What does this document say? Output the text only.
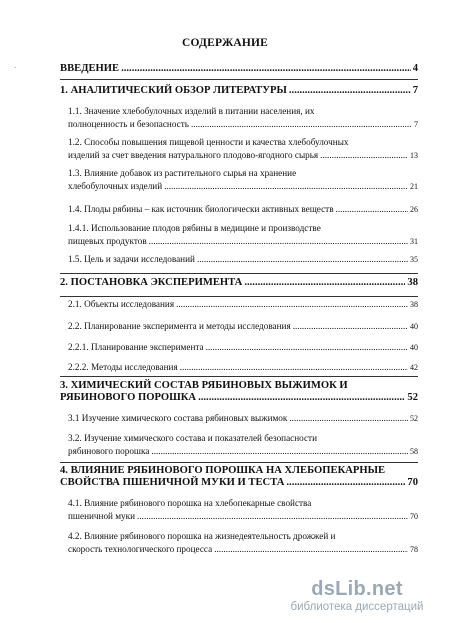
·
СОДЕРЖАНИЕ
ВВЕДЕНИЕ .....	4
1. АНАЛИТИЧЕСКИЙ ОБЗОР ЛИТЕРАТУРЫ .....	7
1.1. Значение хлебобулочных изделий в питании населения, их
полноценность и безопасность .....	7
1.2. Способы повышения пищевой ценности и качества хлебобулочных
изделий за счет введения натурального плодово-ягодного сырья .....	13
1.3. Влияние добавок из растительного сырья на хранение
хлебобулочных изделий .....	21
1.4. Плоды рябины – как источник биологически активных веществ .....	26
1.4.1. Использование плодов рябины в медицине и производстве
пищевых продуктов .....	31
1.5. Цель и задачи исследований .....	35
2. ПОСТАНОВКА ЭКСПЕРИМЕНТА .....	38
2.1. Объекты исследования .....	38
2.2. Планирование эксперимента и методы исследования .....	40
2.2.1. Планирование эксперимента .....	40
2.2.2. Методы исследования .....	42
3. ХИМИЧЕСКИЙ СОСТАВ РЯБИНОВЫХ ВЫЖИМОК И
РЯБИНОВОГО ПОРОШКА .....	52
3.1 Изучение химического состава рябиновых выжимок .....	52
3.2. Изучение химического состава и показателей безопасности
рябинового порошка .....	58
4. ВЛИЯНИЕ РЯБИНОВОГО ПОРОШКА НА ХЛЕБОПЕКАРНЫЕ
СВОЙСТВА ПШЕНИЧНОЙ МУКИ И ТЕСТА .....	70
4.1. Влияние рябинового порошка на хлебопекарные свойства
пшеничной муки .....	70
4.2. Влияние рябинового порошка на жизнедеятельность дрожжей и
скорость технологического процесса .....	78
dsLib.net
библиотека диссертаций
